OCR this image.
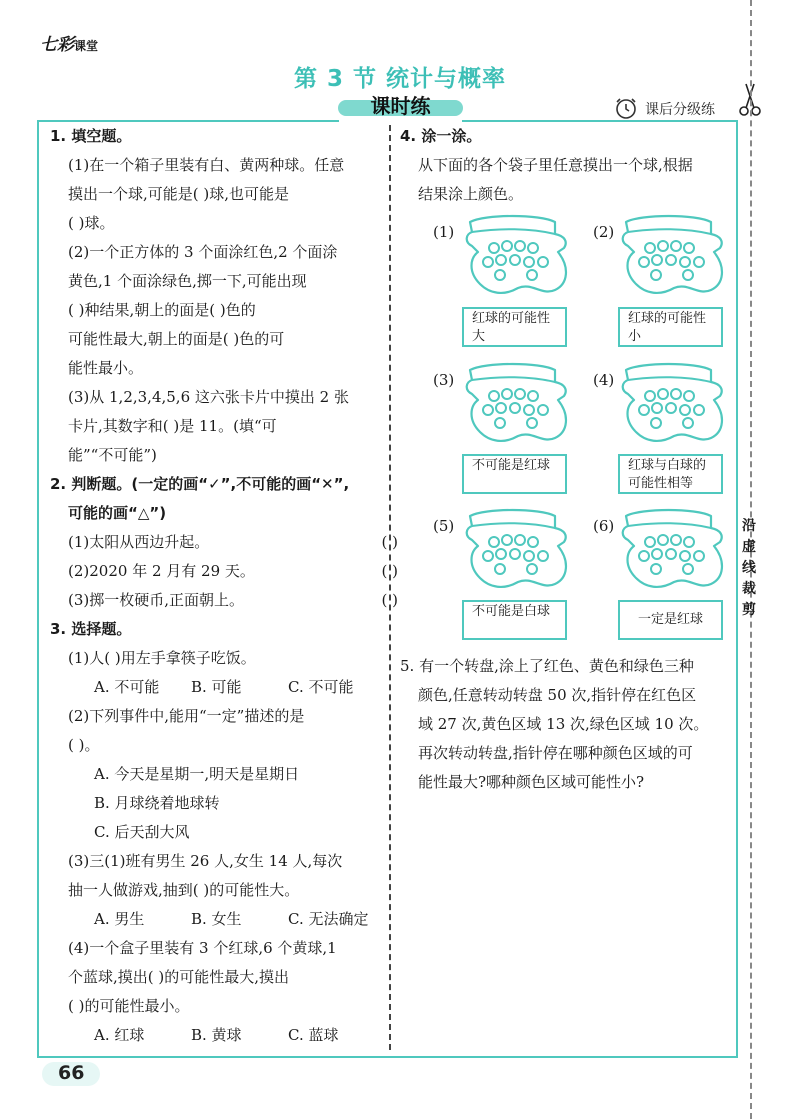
七彩课堂
第 3 节 统计与概率
课时练	课后分级练
沿
虚
线
裁
剪

1. 填空题。

(1)在一个箱子里装有白、黄两种球。任意

摸出一个球,可能是( )球,也可能是

( )球。

(2)一个正方体的 3 个面涂红色,2 个面涂

黄色,1 个面涂绿色,掷一下,可能出现

( )种结果,朝上的面是( )色的

可能性最大,朝上的面是( )色的可

能性最小。

(3)从 1,2,3,4,5,6 这六张卡片中摸出 2 张

卡片,其数字和( )是 11。(填“可

能”“不可能”)

2. 判断题。(一定的画“✓”,不可能的画“✕”,

可能的画“△”)

(1)太阳从西边升起。	( )
(2)2020 年 2 月有 29 天。	( )
(3)掷一枚硬币,正面朝上。	( )

3. 选择题。

(1)人( )用左手拿筷子吃饭。

A. 不可能	B. 可能	C. 不可能

(2)下列事件中,能用“一定”描述的是

( )。

A. 今天是星期一,明天是星期日

B. 月球绕着地球转

C. 后天刮大风

(3)三(1)班有男生 26 人,女生 14 人,每次

抽一人做游戏,抽到( )的可能性大。

A. 男生	B. 女生	C. 无法确定

(4)一个盒子里装有 3 个红球,6 个黄球,1

个蓝球,摸出( )的可能性最大,摸出

( )的可能性最小。

A. 红球	B. 黄球	C. 蓝球

4. 涂一涂。

从下面的各个袋子里任意摸出一个球,根据

结果涂上颜色。

(1)
红球的可能性大
(2)
红球的可能性小
(3)
不可能是红球
(4)
红球与白球的可能性相等
(5)
不可能是白球
(6)
一定是红球

5. 有一个转盘,涂上了红色、黄色和绿色三种

颜色,任意转动转盘 50 次,指针停在红色区

域 27 次,黄色区域 13 次,绿色区域 10 次。

再次转动转盘,指针停在哪种颜色区域的可

能性最大?哪种颜色区域可能性小?

66
